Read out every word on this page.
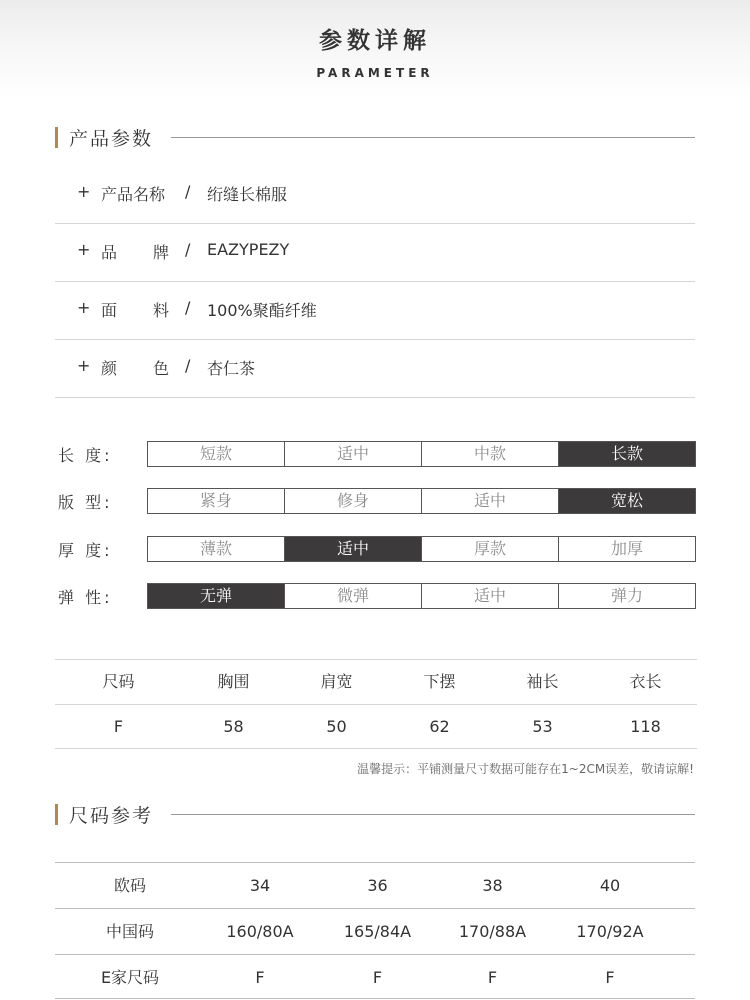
参数详解
PARAMETER
产品参数
+ 产品名称 / 绗缝长棉服
+ 品 牌 / EAZYPEZY
+ 面 料 / 100%聚酯纤维
+ 颜 色 / 杏仁茶
长 度:	短款	适中	中款	长款
版 型:	紧身	修身	适中	宽松
厚 度:	薄款	适中	厚款	加厚
弹 性:	无弹	微弹	适中	弹力
尺码	胸围	肩宽	下摆	袖长	衣长
F	58	50	62	53	118
温馨提示：平铺测量尺寸数据可能存在1~2CM误差，敬请谅解!
尺码参考
欧码	34	36	38	40
中国码	160/80A	165/84A	170/88A	170/92A
E家尺码	F	F	F	F
